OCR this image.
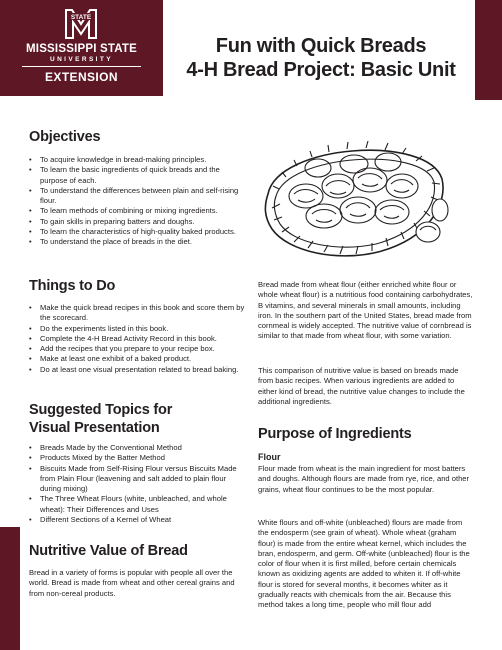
STATE
MISSISSIPPI STATE
UNIVERSITY
EXTENSION
Fun with Quick Breads
4-H Bread Project: Basic Unit
Objectives
• To acquire knowledge in bread-making principles.
• To learn the basic ingredients of quick breads and the purpose of each.
• To understand the differences between plain and self-rising flour.
• To learn methods of combining or mixing ingredients.
• To gain skills in preparing batters and doughs.
• To learn the characteristics of high-quality baked products.
• To understand the place of breads in the diet.
Things to Do
• Make the quick bread recipes in this book and score them by the scorecard.
• Do the experiments listed in this book.
• Complete the 4-H Bread Activity Record in this book.
• Add the recipes that you prepare to your recipe box.
• Make at least one exhibit of a baked product.
• Do at least one visual presentation related to bread baking.
Suggested Topics for
Visual Presentation
• Breads Made by the Conventional Method
• Products Mixed by the Batter Method
• Biscuits Made from Self-Rising Flour versus Biscuits Made from Plain Flour (leavening and salt added to plain flour during mixing)
• The Three Wheat Flours (white, unbleached, and whole wheat): Their Differences and Uses
• Different Sections of a Kernel of Wheat
Nutritive Value of Bread

Bread in a variety of forms is popular with people all over the world. Bread is made from wheat and other cereal grains and from non-cereal products.

Bread made from wheat flour (either enriched white flour or whole wheat flour) is a nutritious food containing carbohydrates, B vitamins, and several minerals in small amounts, including iron. In the southern part of the United States, bread made from cornmeal is widely accepted. The nutritive value of cornbread is similar to that made from wheat flour, with some variation.

This comparison of nutritive value is based on breads made from basic recipes. When various ingredients are added to either kind of bread, the nutritive value changes to include the additional ingredients.

Purpose of Ingredients
Flour

Flour made from wheat is the main ingredient for most batters and doughs. Although flours are made from rye, rice, and other grains, wheat flour continues to be the most popular.

White flours and off-white (unbleached) flours are made from the endosperm (see grain of wheat). Whole wheat (graham flour) is made from the entire wheat kernel, which includes the bran, endosperm, and germ. Off-white (unbleached) flour is the color of flour when it is first milled, before certain chemicals known as oxidizing agents are added to whiten it. If off-white flour is stored for several months, it becomes whiter as it gradually reacts with chemicals from the air. Because this method takes a long time, people who mill flour add
